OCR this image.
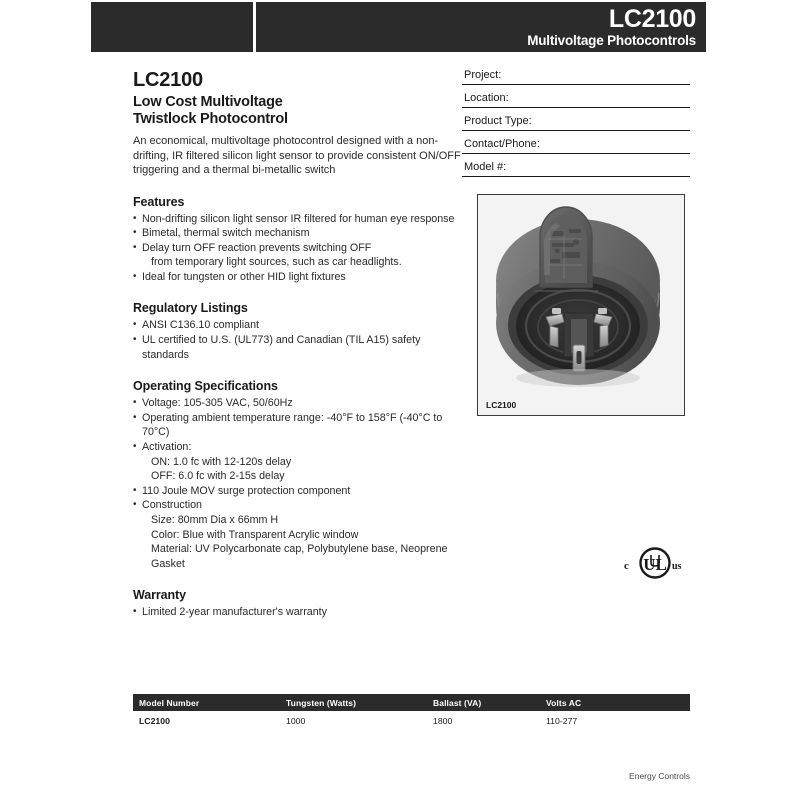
LC2100
Multivoltage Photocontrols
LC2100
Low Cost Multivoltage
Twistlock Photocontrol
An economical, multivoltage photocontrol designed with a non-drifting, IR filtered silicon light sensor to provide consistent ON/OFF triggering and a thermal bi-metallic switch
Features
• Non-drifting silicon light sensor IR filtered for human eye response
• Bimetal, thermal switch mechanism
• Delay turn OFF reaction prevents switching OFF
from temporary light sources, such as car headlights.
• Ideal for tungsten or other HID light fixtures
Regulatory Listings
• ANSI C136.10 compliant
• UL certified to U.S. (UL773) and Canadian (TIL A15) safety standards
Operating Specifications
• Voltage: 105-305 VAC, 50/60Hz
• Operating ambient temperature range: -40°F to 158°F (-40°C to 70°C)
• Activation:
ON: 1.0 fc with 12-120s delay
OFF: 6.0 fc with 2-15s delay
• 110 Joule MOV surge protection component
• Construction
Size: 80mm Dia x 66mm H
Color: Blue with Transparent Acrylic window
Material: UV Polycarbonate cap, Polybutylene base, Neoprene Gasket
Warranty
• Limited 2-year manufacturer's warranty
Project:
Location:
Product Type:
Contact/Phone:
Model #:
LC2100
c UL us
Model Number	Tungsten (Watts)	Ballast (VA)	Volts AC
LC2100	1000	1800	110-277
Energy Controls
